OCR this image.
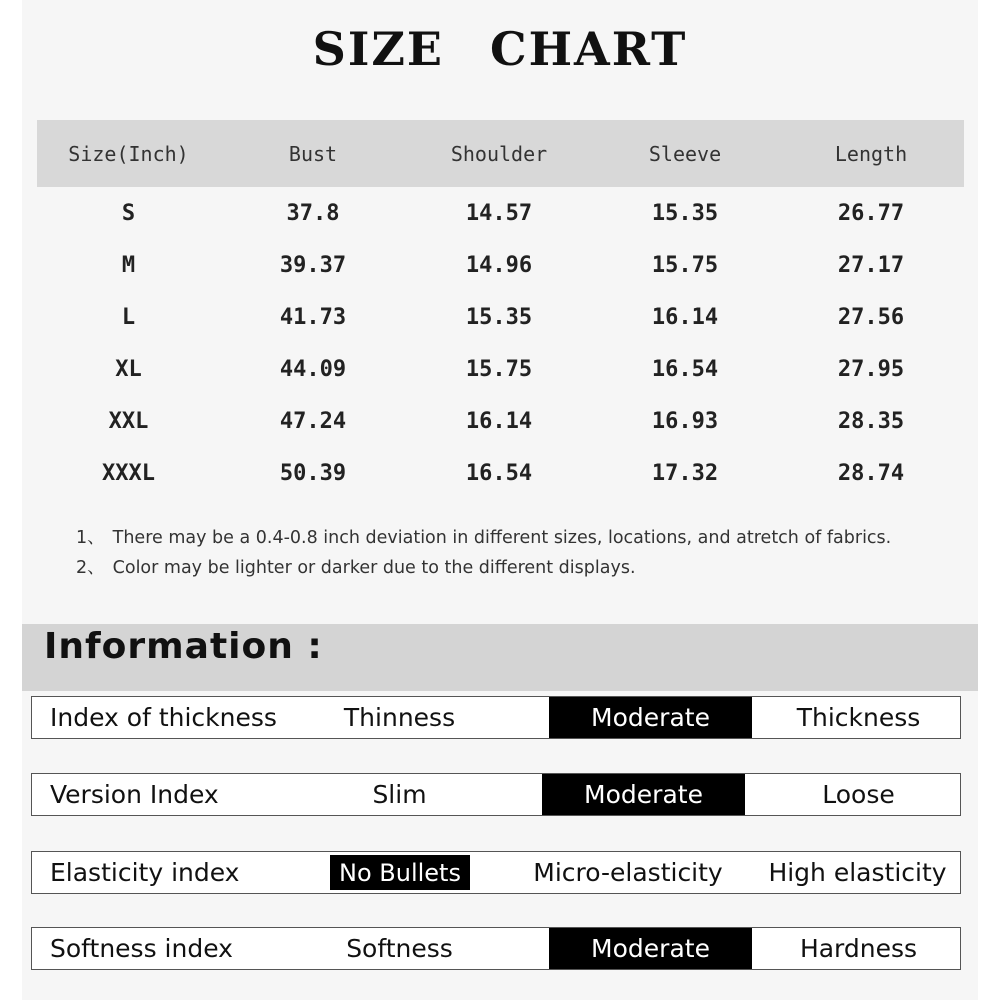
SIZE CHART
Size(Inch)	Bust	Shoulder	Sleeve	Length
S	37.8	14.57	15.35	26.77
M	39.37	14.96	15.75	27.17
L	41.73	15.35	16.14	27.56
XL	44.09	15.75	16.54	27.95
XXL	47.24	16.14	16.93	28.35
XXXL	50.39	16.54	17.32	28.74
1、 There may be a 0.4-0.8 inch deviation in different sizes, locations, and atretch of fabrics.
2、 Color may be lighter or darker due to the different displays.
Information :
Index of thickness	Thinness	Moderate	Thickness
Version Index	Slim	Moderate	Loose
Elasticity index	No Bullets	Micro-elasticity	High elasticity
Softness index	Softness	Moderate	Hardness
